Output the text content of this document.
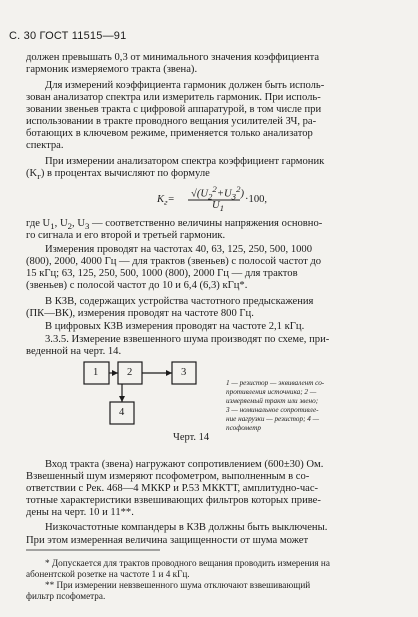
С. 30 ГОСТ 11515—91
должен превышать 0,3 от минимального значения коэффициента
гармоник измеряемого тракта (звена).
Для измерений коэффициента гармоник должен быть исполь-
зован анализатор спектра или измеритель гармоник. При исполь-
зовании звеньев тракта с цифровой аппаратурой, в том числе при
использовании в тракте проводного вещания усилителей ЗЧ, ра-
ботающих в ключевом режиме, применяется только анализатор
спектра.
При измерении анализатором спектра коэффициент гармоник
$(K_г)$ в процентах вычисляют по формуле
$K_г= √(U_2^2+U_3^2)$
$U_1$
·100,
где $U_1$, $U_2$, $U_3$ — соответственно величины напряжения основно-
го сигнала и его второй и третьей гармоник.
Измерения проводят на частотах 40, 63, 125, 250, 500, 1000
(800), 2000, 4000 Гц — для трактов (звеньев) с полосой частот до
15 кГц; 63, 125, 250, 500, 1000 (800), 2000 Гц — для трактов
(звеньев) с полосой частот до 10 и 6,4 (6,3) кГц*.
В КЗВ, содержащих устройства частотного предыскажения
(ПК—ВК), измерения проводят на частоте 800 Гц.
В цифровых КЗВ измерения проводят на частоте 2,1 кГц.
3.3.5. Измерение взвешенного шума производят по схеме, при-
веденной на черт. 14.
1	2	3
4
1 — резистор — эквивалент со-
противления источника; 2 —
измеряемый тракт или звено;
3 — номинальное сопротивле-
ние нагрузки — резистор; 4 —
псофометр
Черт. 14
Вход тракта (звена) нагружают сопротивлением (600±30) Ом.
Взвешенный шум измеряют псофометром, выполненным в со-
ответствии с Рек. 468—4 МККР и Р.53 МККТТ, амплитудно-час-
тотные характеристики взвешивающих фильтров которых приве-
дены на черт. 10 и 11**.
Низкочастотные компандеры в КЗВ должны быть выключены.
При этом измеренная величина защищенности от шума может
* Допускается для трактов проводного вещания проводить измерения на
абонентской розетке на частоте 1 и 4 кГц.
** При измерении невзвешенного шума отключают взвешивающий
фильтр псофометра.
